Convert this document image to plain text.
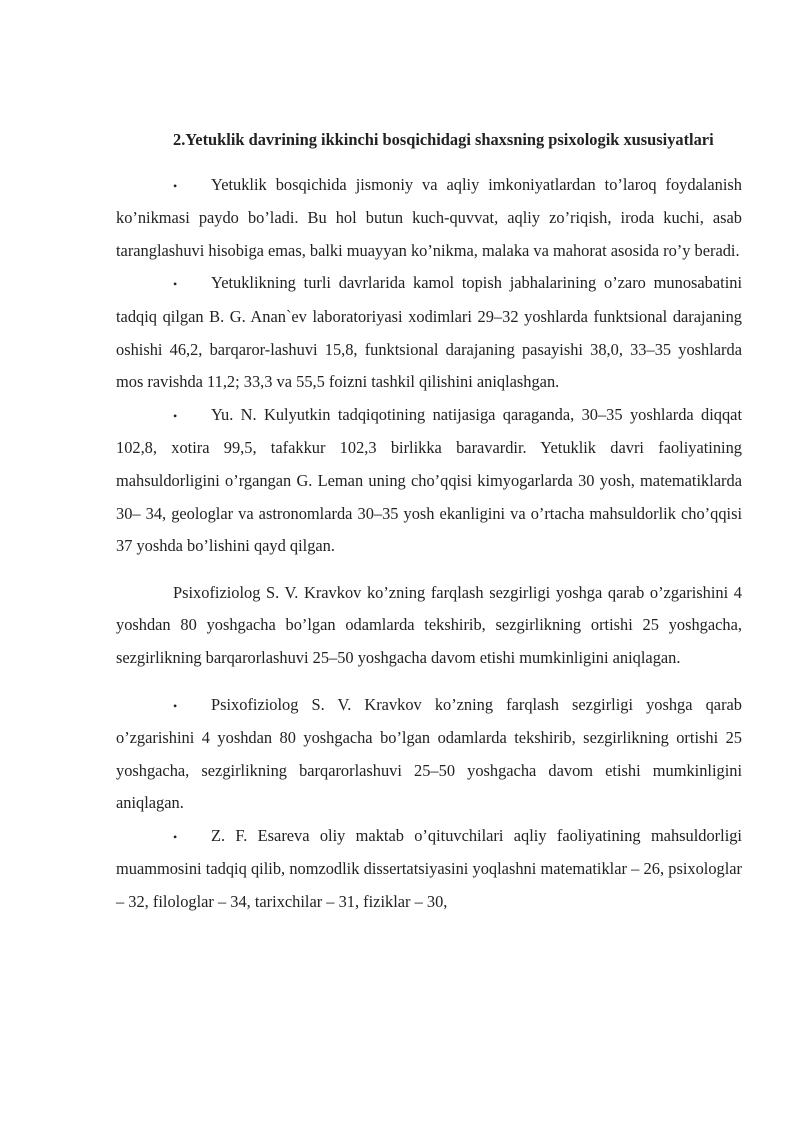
2.Yetuklik davrining ikkinchi bosqichidagi shaxsning psixologik xususiyatlari

• Yetuklik bosqichida jismoniy va aqliy imkoniyatlardan to’laroq foydalanish ko’nikmasi paydo bo’ladi. Bu hol butun kuch-quvvat, aqliy zo’riqish, iroda kuchi, asab taranglashuvi hisobiga emas, balki muayyan ko’nikma, malaka va mahorat asosida ro’y beradi.

• Yetuklikning turli davrlarida kamol topish jabhalarining o’zaro munosabatini tadqiq qilgan B. G. Anan`ev laboratoriyasi xodimlari 29–32 yoshlarda funktsional darajaning oshishi 46,2, barqaror-lashuvi 15,8, funktsional darajaning pasayishi 38,0, 33–35 yoshlarda mos ravishda 11,2; 33,3 va 55,5 foizni tashkil qilishini aniqlashgan.

• Yu. N. Kulyutkin tadqiqotining natijasiga qaraganda, 30–35 yoshlarda diqqat 102,8, xotira 99,5, tafakkur 102,3 birlikka baravardir. Yetuklik davri faoliyatining mahsuldorligini o’rgangan G. Leman uning cho’qqisi kimyogarlarda 30 yosh, matematiklarda 30– 34, geologlar va astronomlarda 30–35 yosh ekanligini va o’rtacha mahsuldorlik cho’qqisi 37 yoshda bo’lishini qayd qilgan.

Psixofiziolog S. V. Kravkov ko’zning farqlash sezgirligi yoshga qarab o’zgarishini 4 yoshdan 80 yoshgacha bo’lgan odamlarda tekshirib, sezgirlikning ortishi 25 yoshgacha, sezgirlikning barqarorlashuvi 25–50 yoshgacha davom etishi mumkinligini aniqlagan.

• Psixofiziolog S. V. Kravkov ko’zning farqlash sezgirligi yoshga qarab o’zgarishini 4 yoshdan 80 yoshgacha bo’lgan odamlarda tekshirib, sezgirlikning ortishi 25 yoshgacha, sezgirlikning barqarorlashuvi 25–50 yoshgacha davom etishi mumkinligini aniqlagan.

• Z. F. Esareva oliy maktab o’qituvchilari aqliy faoliyatining mahsuldorligi muammosini tadqiq qilib, nomzodlik dissertatsiyasini yoqlashni matematiklar – 26, psixologlar – 32, filologlar – 34, tarixchilar – 31, fiziklar – 30,
